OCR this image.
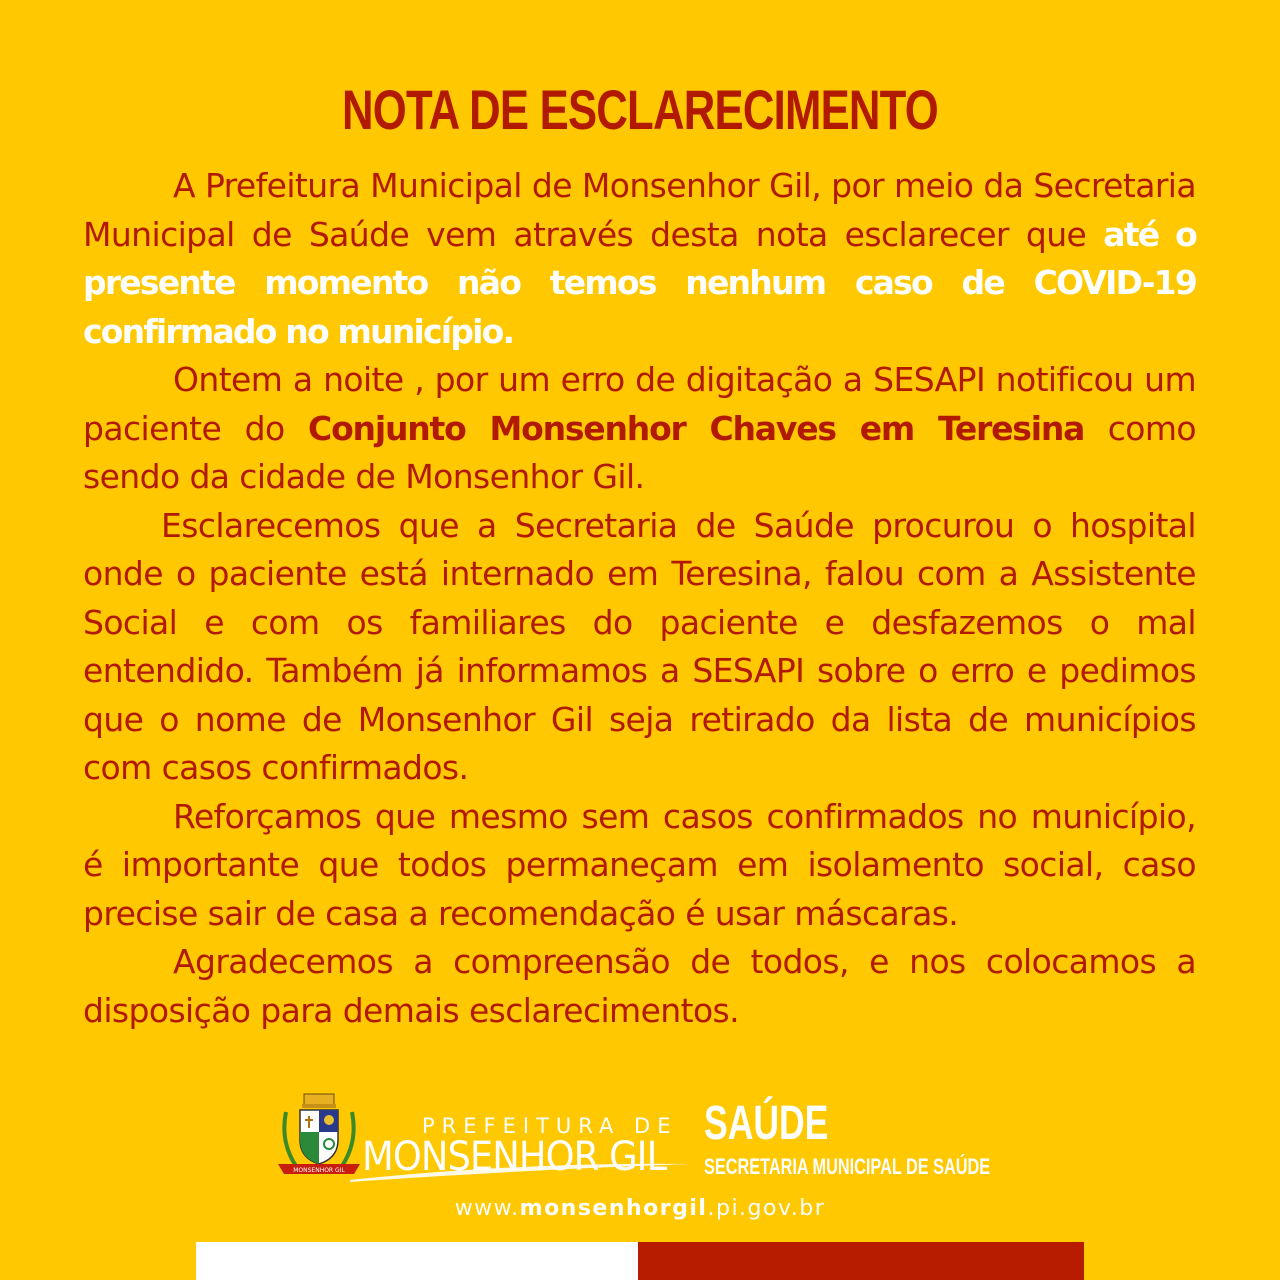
NOTA DE ESCLARECIMENTO

A Prefeitura Municipal de Monsenhor Gil, por meio da Secretaria Municipal de Saúde vem através desta nota esclarecer que até o presente momento não temos nenhum caso de COVID-19 confirmado no município.

Ontem a noite , por um erro de digitação a SESAPI notificou um paciente do Conjunto Monsenhor Chaves em Teresina como sendo da cidade de Monsenhor Gil.

Esclarecemos que a Secretaria de Saúde procurou o hospital onde o paciente está internado em Teresina, falou com a Assistente Social e com os familiares do paciente e desfazemos o mal entendido. Também já informamos a SESAPI sobre o erro e pedimos que o nome de Monsenhor Gil seja retirado da lista de municípios com casos confirmados.

Reforçamos que mesmo sem casos confirmados no município, é importante que todos permaneçam em isolamento social, caso precise sair de casa a recomendação é usar máscaras.

Agradecemos a compreensão de todos, e nos colocamos a disposição para demais esclarecimentos.

MONSENHOR GIL
PREFEITURA DE
MONSENHOR GIL
SAÚDE
SECRETARIA MUNICIPAL DE SAÚDE
www.monsenhorgil.pi.gov.br
